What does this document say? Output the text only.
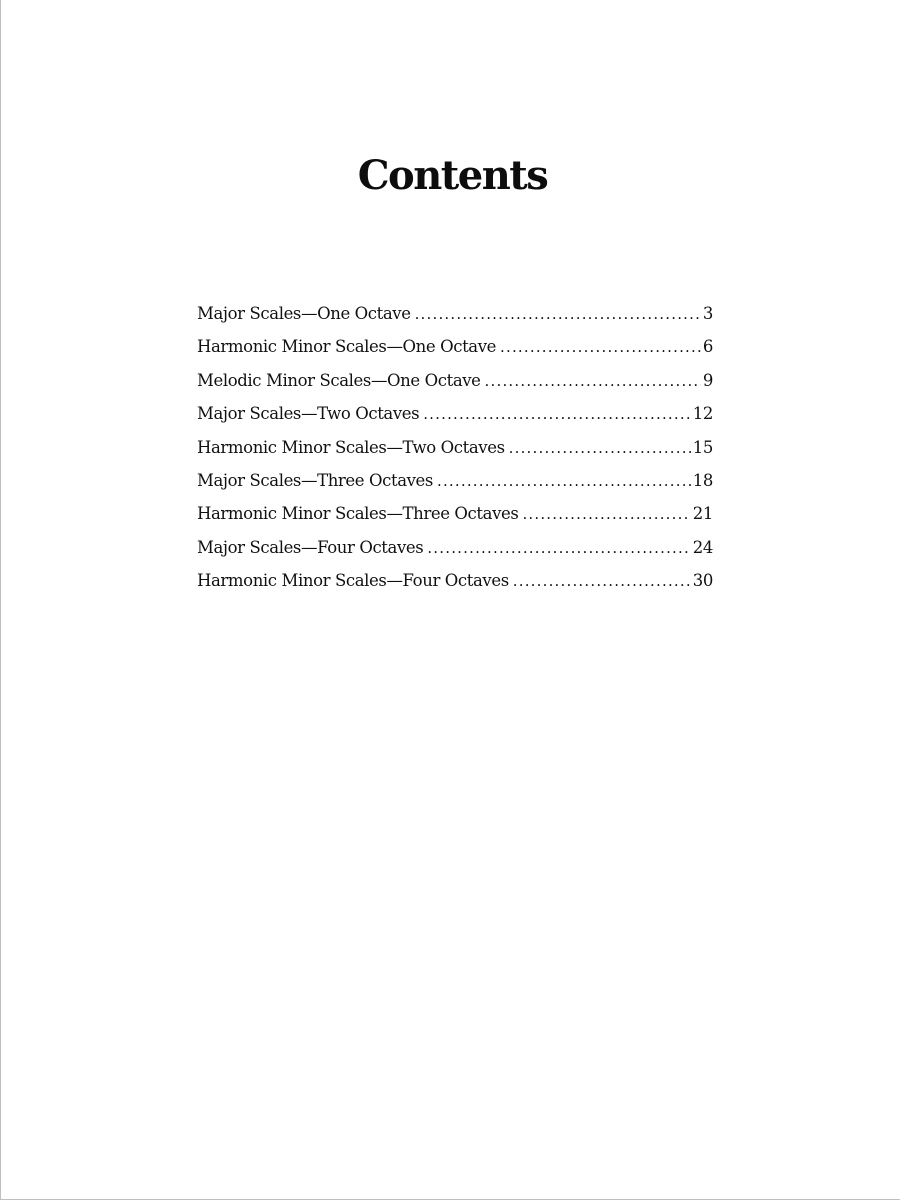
Contents
Major Scales—One Octave .....	3
Harmonic Minor Scales—One Octave .....	6
Melodic Minor Scales—One Octave .....	9
Major Scales—Two Octaves .....	12
Harmonic Minor Scales—Two Octaves .....	15
Major Scales—Three Octaves .....	18
Harmonic Minor Scales—Three Octaves .....	21
Major Scales—Four Octaves .....	24
Harmonic Minor Scales—Four Octaves .....	30
